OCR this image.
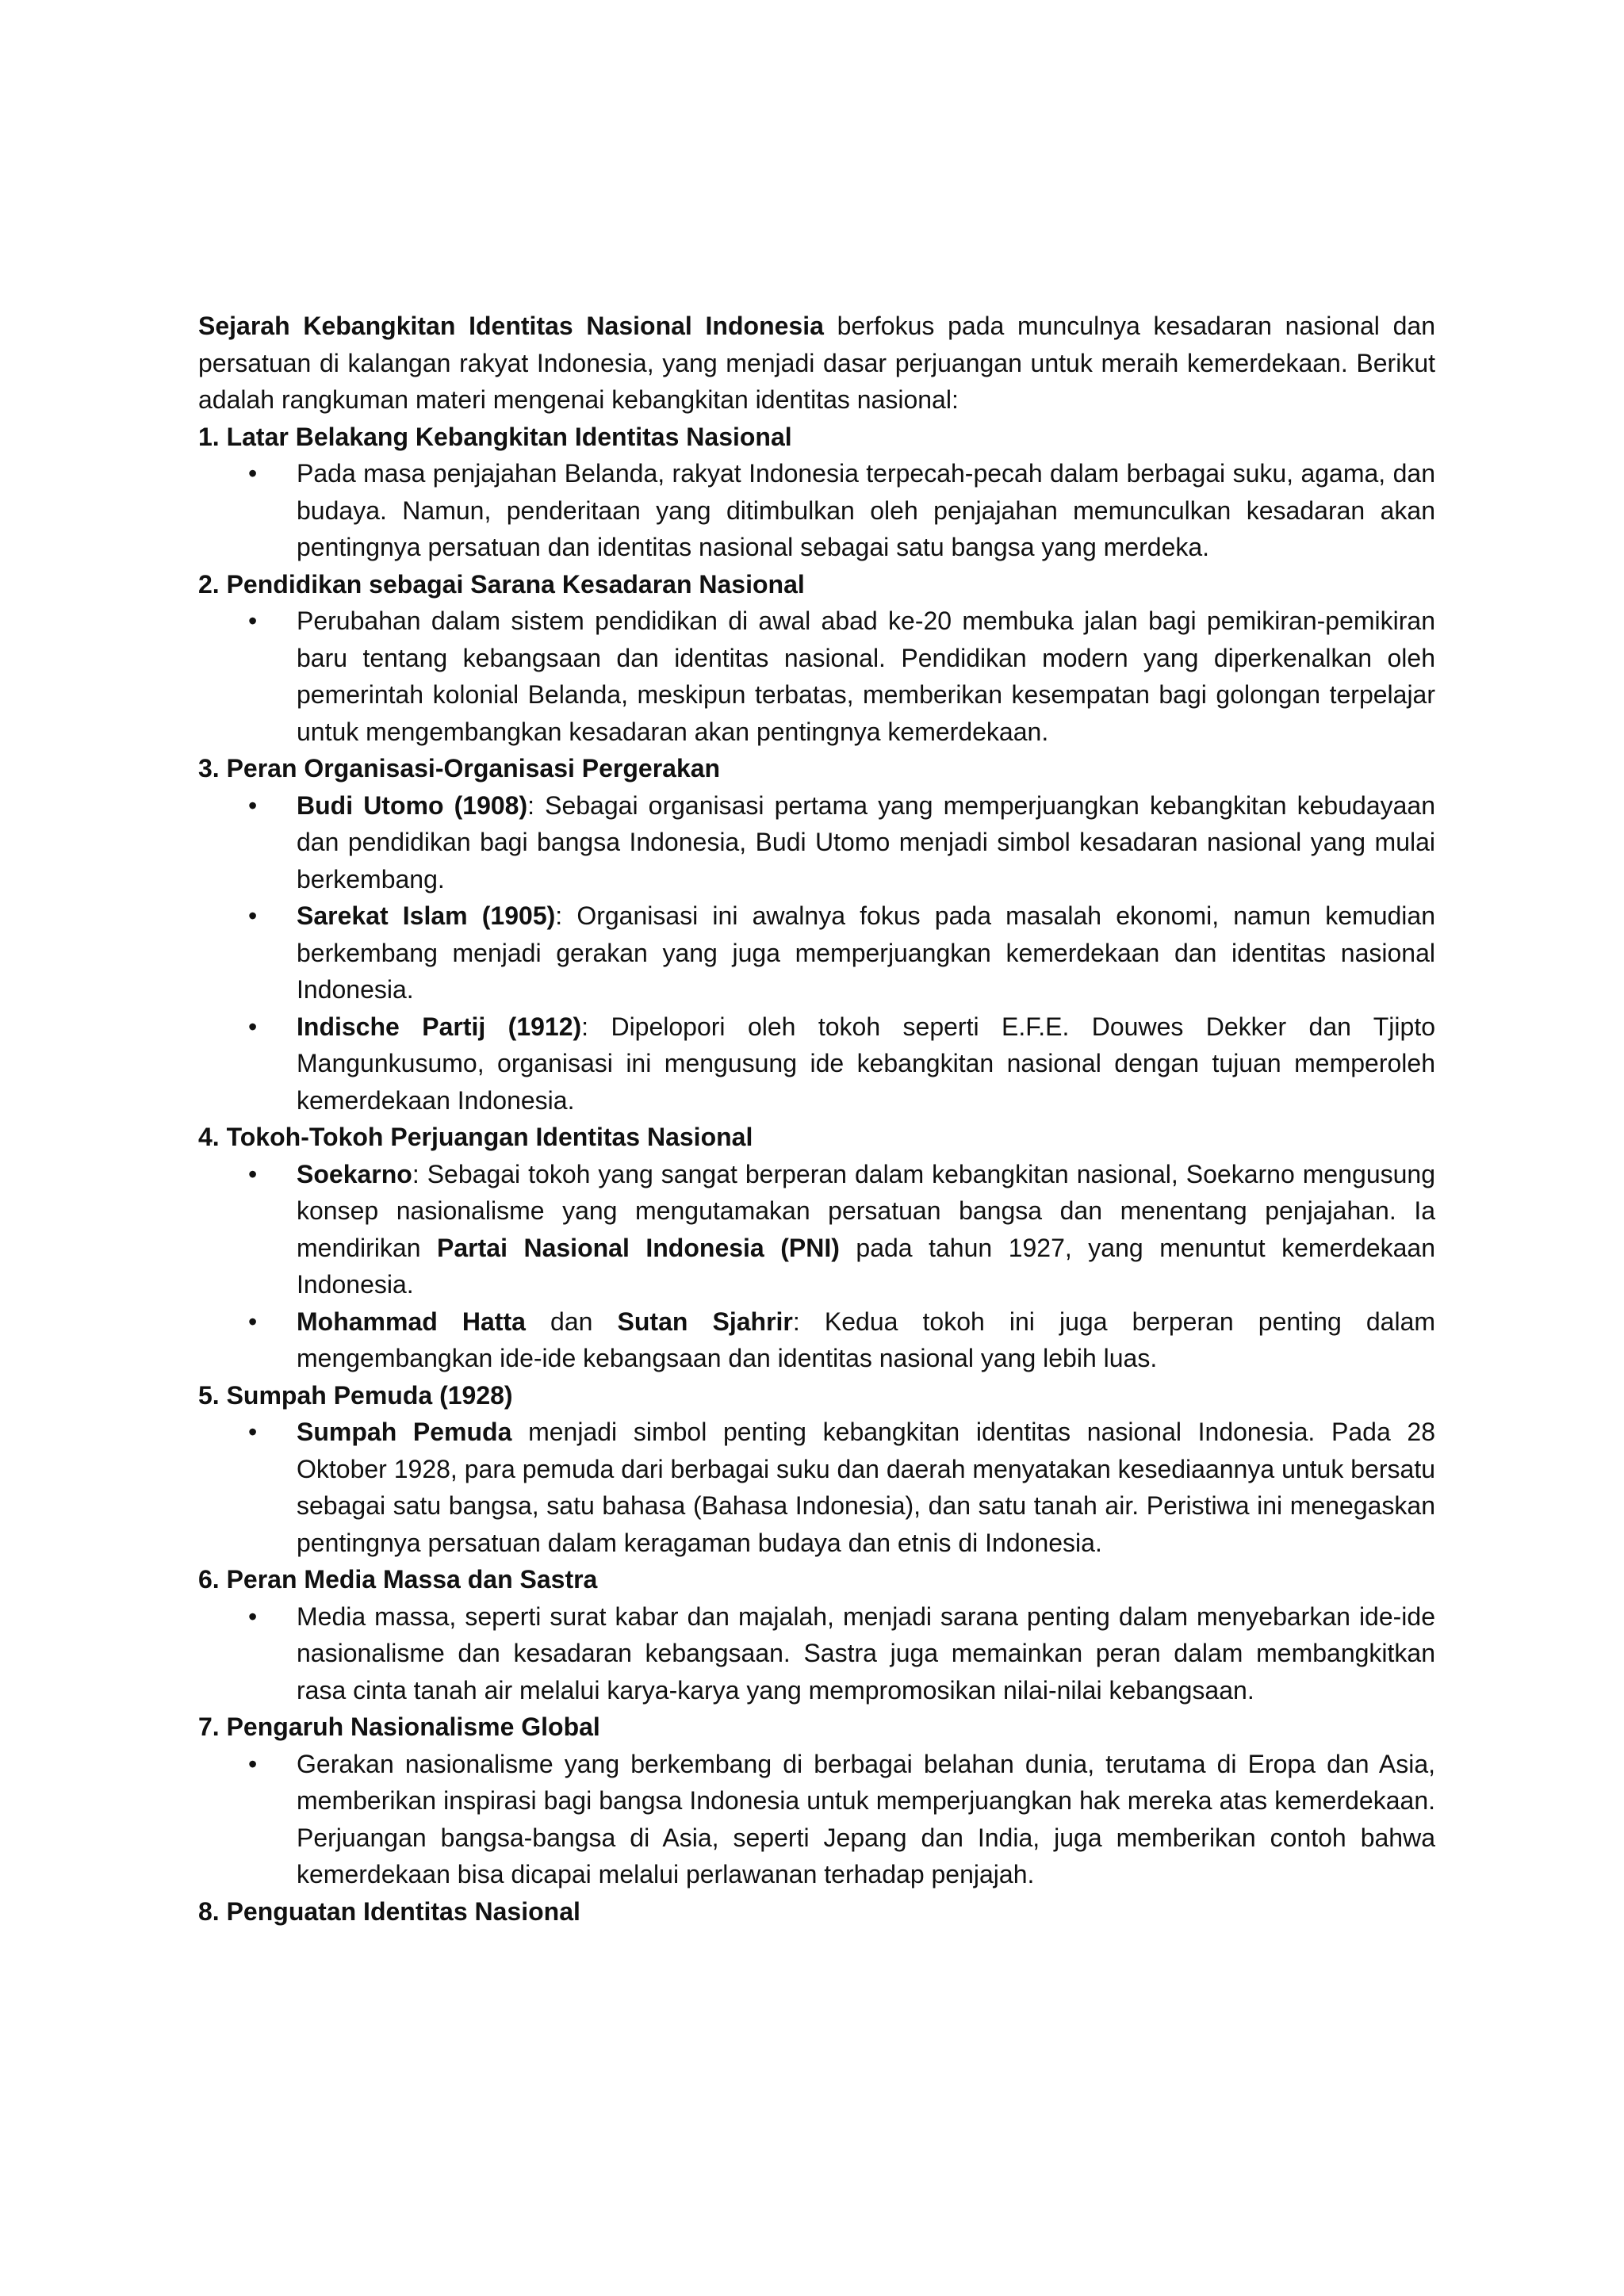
Sejarah Kebangkitan Identitas Nasional Indonesia berfokus pada munculnya kesadaran nasional dan persatuan di kalangan rakyat Indonesia, yang menjadi dasar perjuangan untuk meraih kemerdekaan. Berikut adalah rangkuman materi mengenai kebangkitan identitas nasional:

1. Latar Belakang Kebangkitan Identitas Nasional

• Pada masa penjajahan Belanda, rakyat Indonesia terpecah-pecah dalam berbagai suku, agama, dan budaya. Namun, penderitaan yang ditimbulkan oleh penjajahan memunculkan kesadaran akan pentingnya persatuan dan identitas nasional sebagai satu bangsa yang merdeka.

2. Pendidikan sebagai Sarana Kesadaran Nasional

• Perubahan dalam sistem pendidikan di awal abad ke-20 membuka jalan bagi pemikiran-pemikiran baru tentang kebangsaan dan identitas nasional. Pendidikan modern yang diperkenalkan oleh pemerintah kolonial Belanda, meskipun terbatas, memberikan kesempatan bagi golongan terpelajar untuk mengembangkan kesadaran akan pentingnya kemerdekaan.

3. Peran Organisasi-Organisasi Pergerakan

• Budi Utomo (1908): Sebagai organisasi pertama yang memperjuangkan kebangkitan kebudayaan dan pendidikan bagi bangsa Indonesia, Budi Utomo menjadi simbol kesadaran nasional yang mulai berkembang.
• Sarekat Islam (1905): Organisasi ini awalnya fokus pada masalah ekonomi, namun kemudian berkembang menjadi gerakan yang juga memperjuangkan kemerdekaan dan identitas nasional Indonesia.
• Indische Partij (1912): Dipelopori oleh tokoh seperti E.F.E. Douwes Dekker dan Tjipto Mangunkusumo, organisasi ini mengusung ide kebangkitan nasional dengan tujuan memperoleh kemerdekaan Indonesia.

4. Tokoh-Tokoh Perjuangan Identitas Nasional

• Soekarno: Sebagai tokoh yang sangat berperan dalam kebangkitan nasional, Soekarno mengusung konsep nasionalisme yang mengutamakan persatuan bangsa dan menentang penjajahan. Ia mendirikan Partai Nasional Indonesia (PNI) pada tahun 1927, yang menuntut kemerdekaan Indonesia.
• Mohammad Hatta dan Sutan Sjahrir: Kedua tokoh ini juga berperan penting dalam mengembangkan ide-ide kebangsaan dan identitas nasional yang lebih luas.

5. Sumpah Pemuda (1928)

• Sumpah Pemuda menjadi simbol penting kebangkitan identitas nasional Indonesia. Pada 28 Oktober 1928, para pemuda dari berbagai suku dan daerah menyatakan kesediaannya untuk bersatu sebagai satu bangsa, satu bahasa (Bahasa Indonesia), dan satu tanah air. Peristiwa ini menegaskan pentingnya persatuan dalam keragaman budaya dan etnis di Indonesia.

6. Peran Media Massa dan Sastra

• Media massa, seperti surat kabar dan majalah, menjadi sarana penting dalam menyebarkan ide-ide nasionalisme dan kesadaran kebangsaan. Sastra juga memainkan peran dalam membangkitkan rasa cinta tanah air melalui karya-karya yang mempromosikan nilai-nilai kebangsaan.

7. Pengaruh Nasionalisme Global

• Gerakan nasionalisme yang berkembang di berbagai belahan dunia, terutama di Eropa dan Asia, memberikan inspirasi bagi bangsa Indonesia untuk memperjuangkan hak mereka atas kemerdekaan. Perjuangan bangsa-bangsa di Asia, seperti Jepang dan India, juga memberikan contoh bahwa kemerdekaan bisa dicapai melalui perlawanan terhadap penjajah.

8. Penguatan Identitas Nasional
